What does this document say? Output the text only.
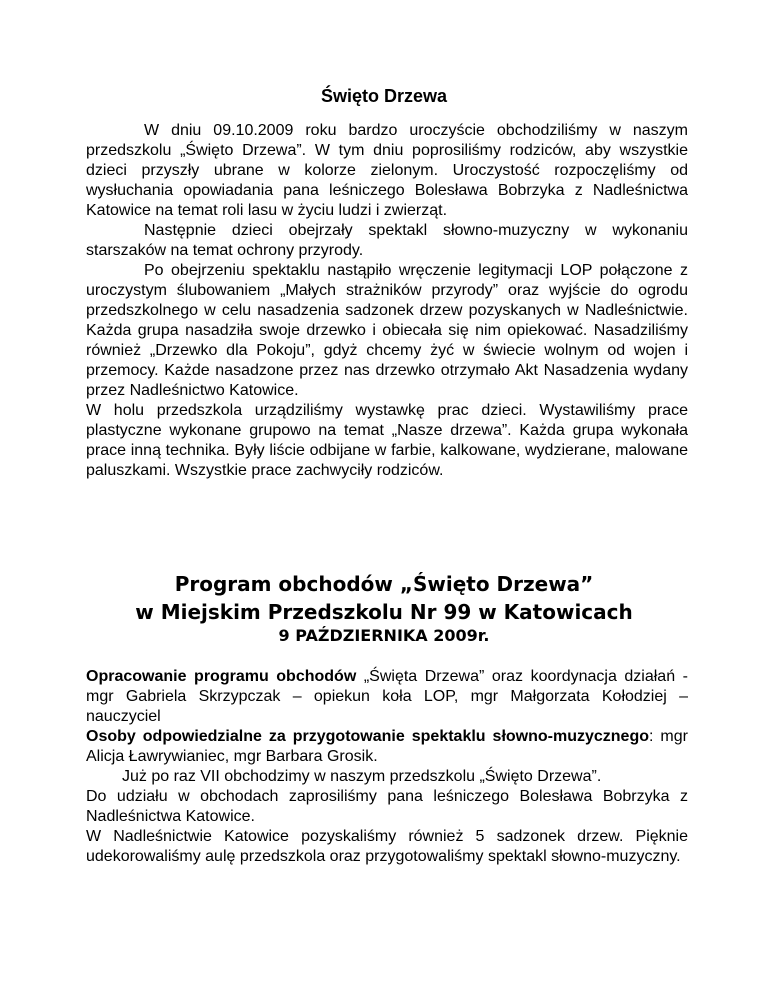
Święto Drzewa

W dniu 09.10.2009 roku bardzo uroczyście obchodziliśmy w naszym przedszkolu „Święto Drzewa”. W tym dniu poprosiliśmy rodziców, aby wszystkie dzieci przyszły ubrane w kolorze zielonym. Uroczystość rozpoczęliśmy od wysłuchania opowiadania pana leśniczego Bolesława Bobrzyka z Nadleśnictwa Katowice na temat roli lasu w życiu ludzi i zwierząt.

Następnie dzieci obejrzały spektakl słowno-muzyczny w wykonaniu starszaków na temat ochrony przyrody.

Po obejrzeniu spektaklu nastąpiło wręczenie legitymacji LOP połączone z uroczystym ślubowaniem „Małych strażników przyrody” oraz wyjście do ogrodu przedszkolnego w celu nasadzenia sadzonek drzew pozyskanych w Nadleśnictwie. Każda grupa nasadziła swoje drzewko i obiecała się nim opiekować. Nasadziliśmy również „Drzewko dla Pokoju”, gdyż chcemy żyć w świecie wolnym od wojen i przemocy. Każde nasadzone przez nas drzewko otrzymało Akt Nasadzenia wydany przez Nadleśnictwo Katowice.

W holu przedszkola urządziliśmy wystawkę prac dzieci. Wystawiliśmy prace plastyczne wykonane grupowo na temat „Nasze drzewa”. Każda grupa wykonała prace inną technika. Były liście odbijane w farbie, kalkowane, wydzierane, malowane paluszkami. Wszystkie prace zachwyciły rodziców.

Program obchodów „Święto Drzewa”
w Miejskim Przedszkolu Nr 99 w Katowicach
9 PAŹDZIERNIKA 2009r.

Opracowanie programu obchodów „Święta Drzewa” oraz koordynacja działań - mgr Gabriela Skrzypczak – opiekun koła LOP, mgr Małgorzata Kołodziej – nauczyciel

Osoby odpowiedzialne za przygotowanie spektaklu słowno-muzycznego: mgr Alicja Ławrywianiec, mgr Barbara Grosik.

Już po raz VII obchodzimy w naszym przedszkolu „Święto Drzewa”.

Do udziału w obchodach zaprosiliśmy pana leśniczego Bolesława Bobrzyka z Nadleśnictwa Katowice.

W Nadleśnictwie Katowice pozyskaliśmy również 5 sadzonek drzew. Pięknie udekorowaliśmy aulę przedszkola oraz przygotowaliśmy spektakl słowno-muzyczny.
